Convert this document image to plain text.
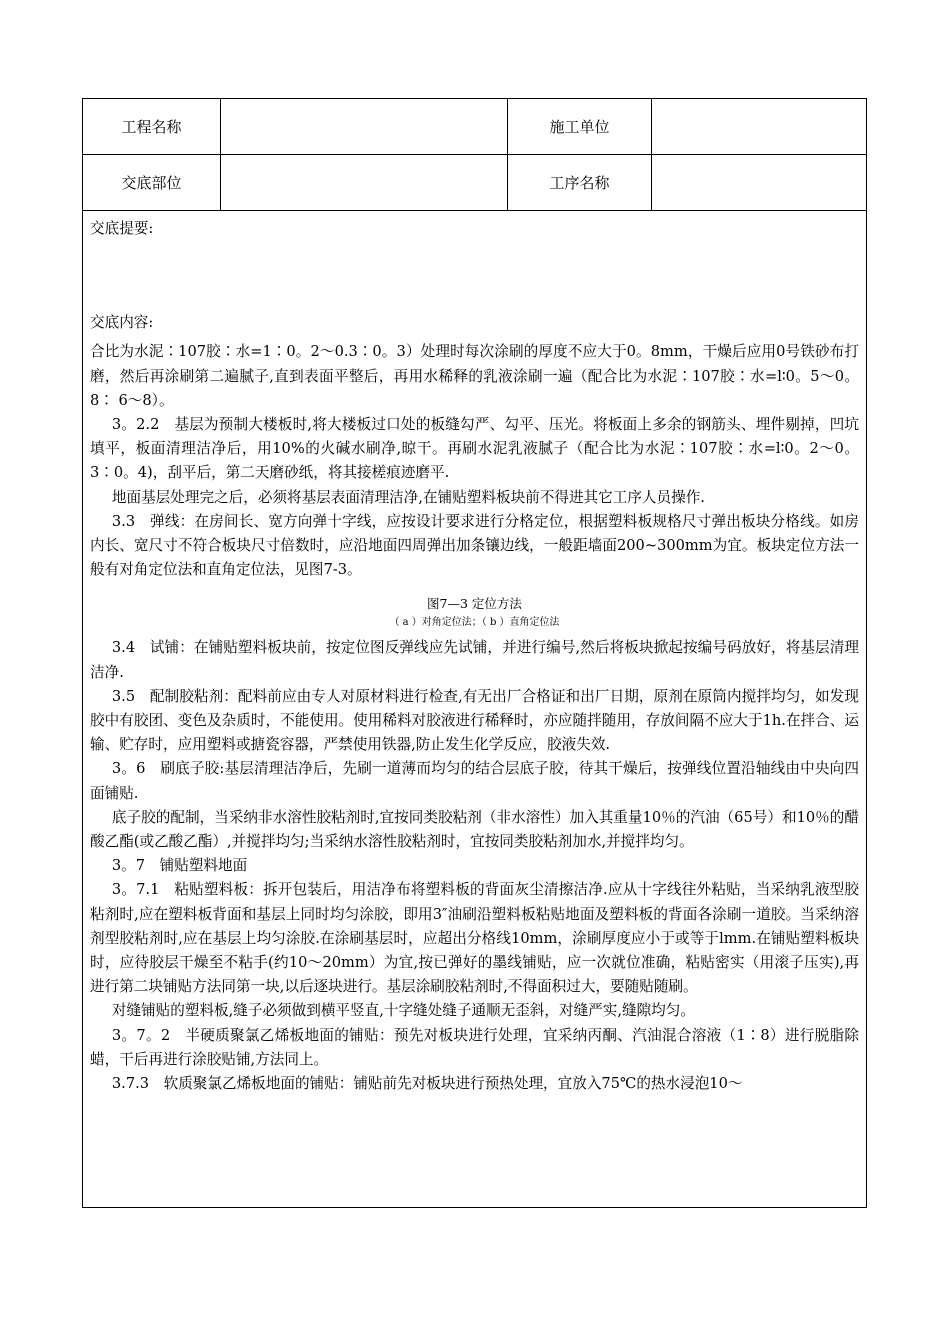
工程名称	施工单位
交底部位	工序名称
交底提要:
交底内容:

合比为水泥∶107胶∶水=1∶0。2～0.3∶0。3）处理时每次涂刷的厚度不应大于0。8mm，干燥后应用0号铁砂布打磨，然后再涂刷第二遍腻子,直到表面平整后，再用水稀释的乳液涂刷一遍（配合比为水泥∶107胶∶水=l∶0。5～0。8∶ 6～8）。

3。2.2　基层为预制大楼板时,将大楼板过口处的板缝勾严、勾平、压光。将板面上多余的钢筋头、埋件剔掉，凹坑填平，板面清理洁净后，用10%的火碱水刷净,晾干。再刷水泥乳液腻子（配合比为水泥∶107胶∶水=l∶0。2～0。3∶0。4)，刮平后，第二天磨砂纸，将其接槎痕迹磨平.

地面基层处理完之后，必须将基层表面清理洁净,在铺贴塑料板块前不得进其它工序人员操作.

3.3　弹线：在房间长、宽方向弹十字线，应按设计要求进行分格定位，根据塑料板规格尺寸弹出板块分格线。如房内长、宽尺寸不符合板块尺寸倍数时，应沿地面四周弹出加条镶边线，一般距墙面200~300mm为宜。板块定位方法一般有对角定位法和直角定位法，见图7-3。

图7—3 定位方法

（ a ）对角定位法；（ b ）直角定位法

3.4　试铺：在铺贴塑料板块前，按定位图反弹线应先试铺，并进行编号,然后将板块掀起按编号码放好，将基层清理洁净.

3.5　配制胶粘剂：配料前应由专人对原材料进行检查,有无出厂合格证和出厂日期，原剂在原筒内搅拌均匀，如发现胶中有胶团、变色及杂质时，不能使用。使用稀料对胶液进行稀释时，亦应随拌随用，存放间隔不应大于1h.在拌合、运输、贮存时，应用塑料或搪瓷容器，严禁使用铁器,防止发生化学反应，胶液失效.

3。6　刷底子胶:基层清理洁净后，先刷一道薄而均匀的结合层底子胶，待其干燥后，按弹线位置沿轴线由中央向四面铺贴.

底子胶的配制，当采纳非水溶性胶粘剂时,宜按同类胶粘剂（非水溶性）加入其重量10％的汽油（65号）和10％的醋酸乙酯(或乙酸乙酯）,并搅拌均匀;当采纳水溶性胶粘剂时，宜按同类胶粘剂加水,并搅拌均匀。

3。7　铺贴塑料地面

3。7.1　粘贴塑料板：拆开包装后，用洁净布将塑料板的背面灰尘清擦洁净.应从十字线往外粘贴，当采纳乳液型胶粘剂时,应在塑料板背面和基层上同时均匀涂胶，即用3″油刷沿塑料板粘贴地面及塑料板的背面各涂刷一道胶。当采纳溶剂型胶粘剂时,应在基层上均匀涂胶.在涂刷基层时，应超出分格线10mm，涂刷厚度应小于或等于lmm.在铺贴塑料板块时，应待胶层干燥至不粘手(约10～20mm）为宜,按已弹好的墨线铺贴，应一次就位准确，粘贴密实（用滚子压实),再进行第二块铺贴方法同第一块,以后逐块进行。基层涂刷胶粘剂时,不得面积过大，要随贴随刷。

对缝铺贴的塑料板,缝子必须做到横平竖直,十字缝处缝子通顺无歪斜，对缝严实,缝隙均匀。

3。7。2　半硬质聚氯乙烯板地面的铺贴：预先对板块进行处理，宜采纳丙酮、汽油混合溶液（1∶8）进行脱脂除蜡，干后再进行涂胶贴铺,方法同上。

3.7.3　软质聚氯乙烯板地面的铺贴：铺贴前先对板块进行预热处理，宜放入75℃的热水浸泡10～
